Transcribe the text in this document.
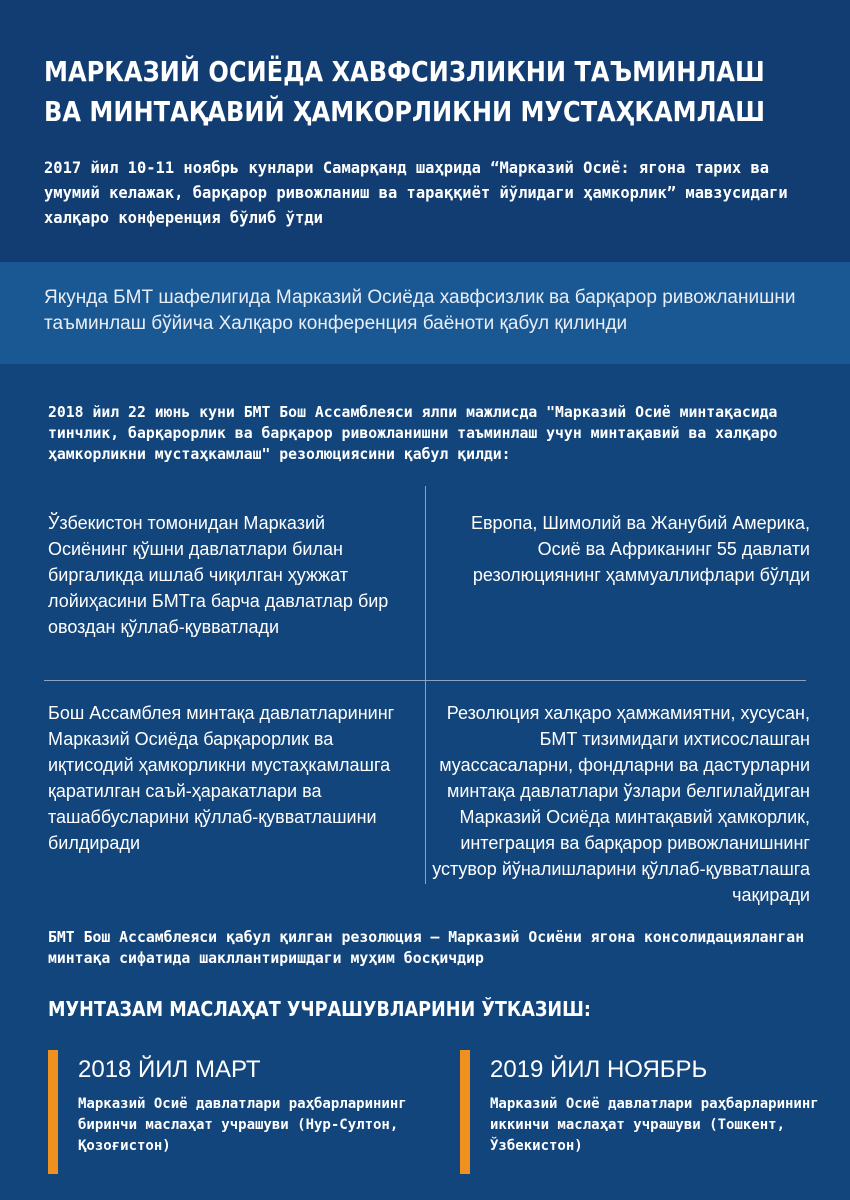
МАРКАЗИЙ ОСИЁДА ХАВФСИЗЛИКНИ ТАЪМИНЛАШ
ВА МИНТАҚАВИЙ ҲАМКОРЛИКНИ МУСТАҲКАМЛАШ
2017 йил 10-11 ноябрь кунлари Самарқанд шаҳрида “Марказий Осиё: ягона тарих ва умумий келажак, барқарор ривожланиш ва тараққиёт йўлидаги ҳамкорлик” мавзусидаги халқаро конференция бўлиб ўтди
Якунда БМТ шафелигида Марказий Осиёда хавфсизлик ва барқарор ривожланишни таъминлаш бўйича Халқаро конференция баёноти қабул қилинди
2018 йил 22 июнь куни БМТ Бош Ассамблеяси ялпи мажлисда "Марказий Осиё минтақасида тинчлик, барқарорлик ва барқарор ривожланишни таъминлаш учун минтақавий ва халқаро ҳамкорликни мустаҳкамлаш" резолюциясини қабул қилди:
Ўзбекистон томонидан Марказий Осиёнинг қўшни давлатлари билан биргаликда ишлаб чиқилган ҳужжат лойиҳасини БМТга барча давлатлар бир овоздан қўллаб-қувватлади
Европа, Шимолий ва Жанубий Америка, Осиё ва Африканинг 55 давлати резолюциянинг ҳаммуаллифлари бўлди
Бош Ассамблея минтақа давлатларининг Марказий Осиёда барқарорлик ва иқтисодий ҳамкорликни мустаҳкамлашга қаратилган саъй-ҳаракатлари ва ташаббусларини қўллаб-қувватлашини билдиради
Резолюция халқаро ҳамжамиятни, хусусан, БМТ тизимидаги ихтисослашган муассасаларни, фондларни ва дастурларни минтақа давлатлари ўзлари белгилайдиган Марказий Осиёда минтақавий ҳамкорлик, интеграция ва барқарор ривожланишнинг устувор йўналишларини қўллаб-қувватлашга чақиради
БМТ Бош Ассамблеяси қабул қилган резолюция — Марказий Осиёни ягона консолидацияланган минтақа сифатида шакллантиришдаги муҳим босқичдир
МУНТАЗАМ МАСЛАҲАТ УЧРАШУВЛАРИНИ ЎТКАЗИШ:
2018 ЙИЛ МАРТ
Марказий Осиё давлатлари раҳбарларининг биринчи маслаҳат учрашуви (Нур-Султон, Қозоғистон)
2019 ЙИЛ НОЯБРЬ
Марказий Осиё давлатлари раҳбарларининг иккинчи маслаҳат учрашуви (Тошкент, Ўзбекистон)
